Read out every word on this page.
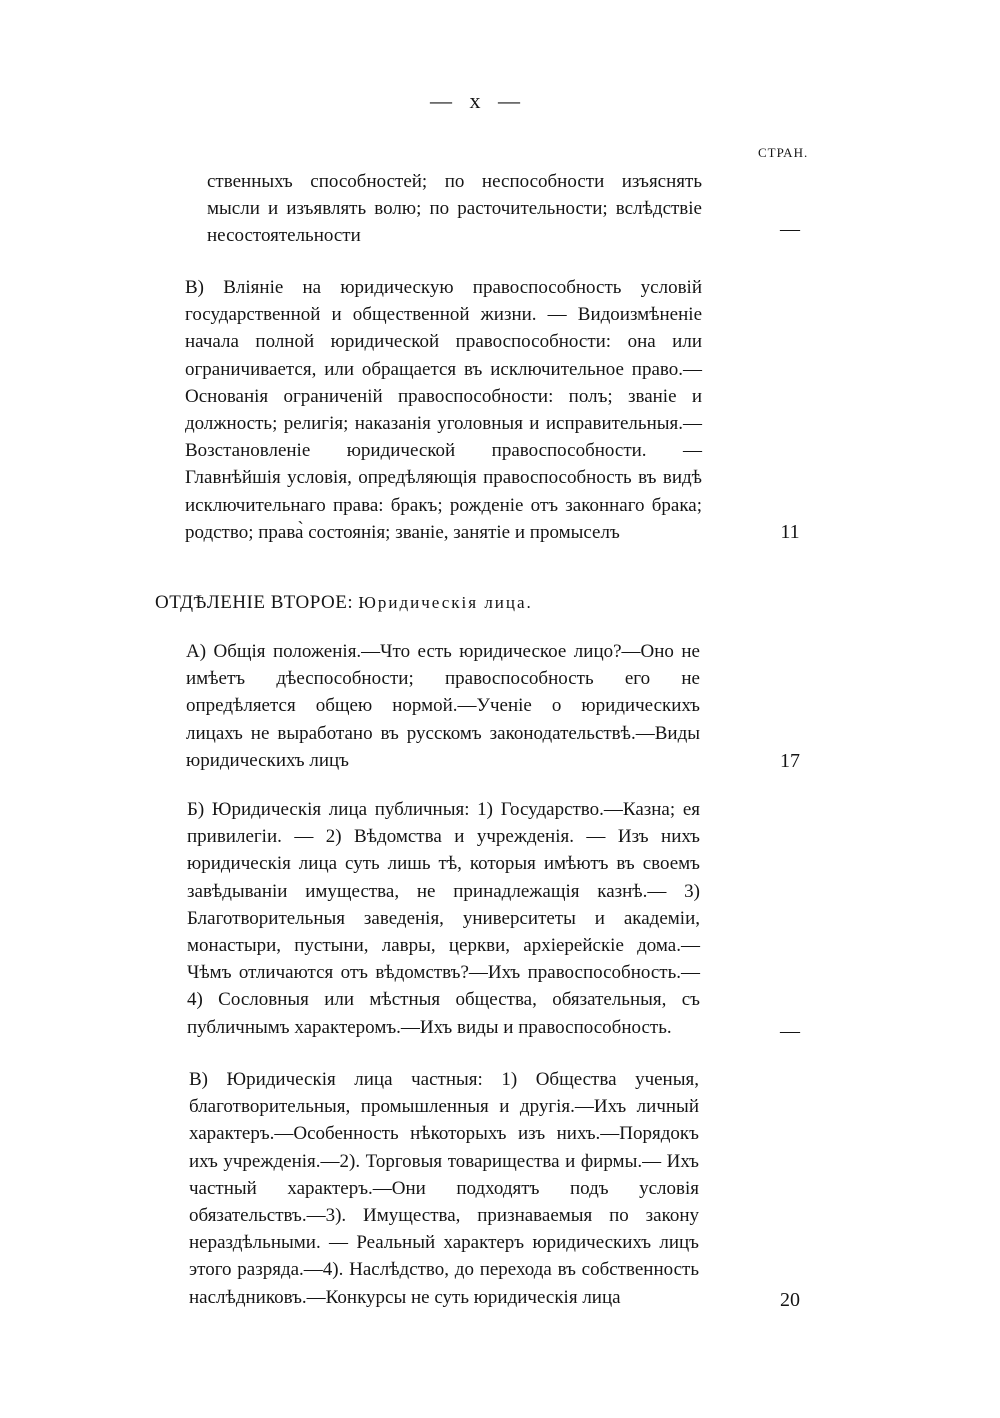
— x —
СТРАН.
ственныхъ способностей; по неспособности изъяснять мысли и изъявлять волю; по расточительности; вслѣдствіе несостоятельности	—
В) Вліяніе на юридическую правоспособность условій государственной и общественной жизни. — Видоизмѣненіе начала полной юридической правоспособности: она или ограничивается, или обращается въ исключительное право.— Основанія ограниченій правоспособности: полъ; званіе и должность; религія; наказанія уголовныя и исправительныя.—Возстановленіе юридической правоспособности. — Главнѣйшія условія, опредѣляющія правоспособность въ видѣ исключительнаго права: бракъ; рожденіе отъ законнаго брака; родство; права̀ состоянія; званіе, занятіе и промыселъ	11
ОТДѢЛЕНІЕ ВТОРОЕ: Юридическія лица.
А) Общія положенія.—Что есть юридическое лицо?—Оно не имѣетъ дѣеспособности; правоспособность его не опредѣляется общею нормой.—Ученіе о юридическихъ лицахъ не выработано въ русскомъ законодательствѣ.—Виды юридическихъ лицъ	17
Б) Юридическія лица публичныя: 1) Государство.—Казна; ея привилегіи. — 2) Вѣдомства и учрежденія. — Изъ нихъ юридическія лица суть лишь тѣ, которыя имѣютъ въ своемъ завѣдываніи имущества, не принадлежащія казнѣ.— 3) Благотворительныя заведенія, университеты и академіи, монастыри, пустыни, лавры, церкви, архіерейскіе дома.— Чѣмъ отличаются отъ вѣдомствъ?—Ихъ правоспособность.— 4) Сословныя или мѣстныя общества, обязательныя, съ публичнымъ характеромъ.—Ихъ виды и правоспособность.	—
В) Юридическія лица частныя: 1) Общества ученыя, благотворительныя, промышленныя и другія.—Ихъ личный характеръ.—Особенность нѣкоторыхъ изъ нихъ.—Порядокъ ихъ учрежденія.—2). Торговыя товарищества и фирмы.— Ихъ частный характеръ.—Они подходятъ подъ условія обязательствъ.—3). Имущества, признаваемыя по закону нераздѣльными. — Реальный характеръ юридическихъ лицъ этого разряда.—4). Наслѣдство, до перехода въ собственность наслѣдниковъ.—Конкурсы не суть юридическія лица	20
